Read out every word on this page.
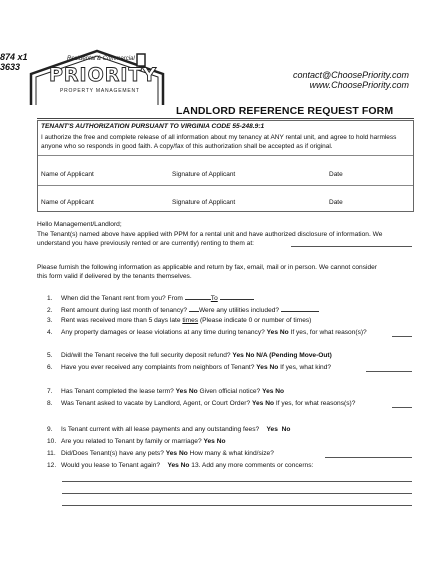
874 x1
3633
Residental & Commercial
PRIORITY
PROPERTY MANAGEMENT
contact@ChoosePriority.com
www.ChoosePriority.com
LANDLORD REFERENCE REQUEST FORM
TENANT'S AUTHORIZATION PURSUANT TO VIRGINIA CODE 55-248.9:1
I authorize the free and complete release of all information about my tenancy at ANY rental unit, and agree to hold harmless anyone who so responds in good faith. A copy/fax of this authorization shall be accepted as if original.
Name of Applicant	Signature of Applicant	Date
Name of Applicant	Signature of Applicant	Date
Hello Management/Landlord;
The Tenant(s) named above have applied with PPM for a rental unit and have authorized disclosure of information. We
understand you have previously rented or are currently) renting to them at:
Please furnish the following information as applicable and return by fax, email, mail or in person. We cannot consider
this form valid if delivered by the tenants themselves.
1. When did the Tenant rent from you? From	To
2. Rent amount during last month of tenancy? Were any utilities included?
3. Rent was received more than 5 days late times (Please indicate 0 or number of times)
4. Any property damages or lease violations at any time during tenancy? Yes No If yes, for what reason(s)?
5. Did/will the Tenant receive the full security deposit refund? Yes No N/A (Pending Move-Out)
6. Have you ever received any complaints from neighbors of Tenant? Yes No If yes, what kind?
7. Has Tenant completed the lease term? Yes No Given official notice? Yes No
8. Was Tenant asked to vacate by Landlord, Agent, or Court Order? Yes No If yes, for what reasons(s)?
9. Is Tenant current with all lease payments and any outstanding fees? Yes No
10. Are you related to Tenant by family or marriage? Yes No
11. Did/Does Tenant(s) have any pets? Yes No How many & what kind/size?
12. Would you lease to Tenant again? Yes No 13. Add any more comments or concerns:
